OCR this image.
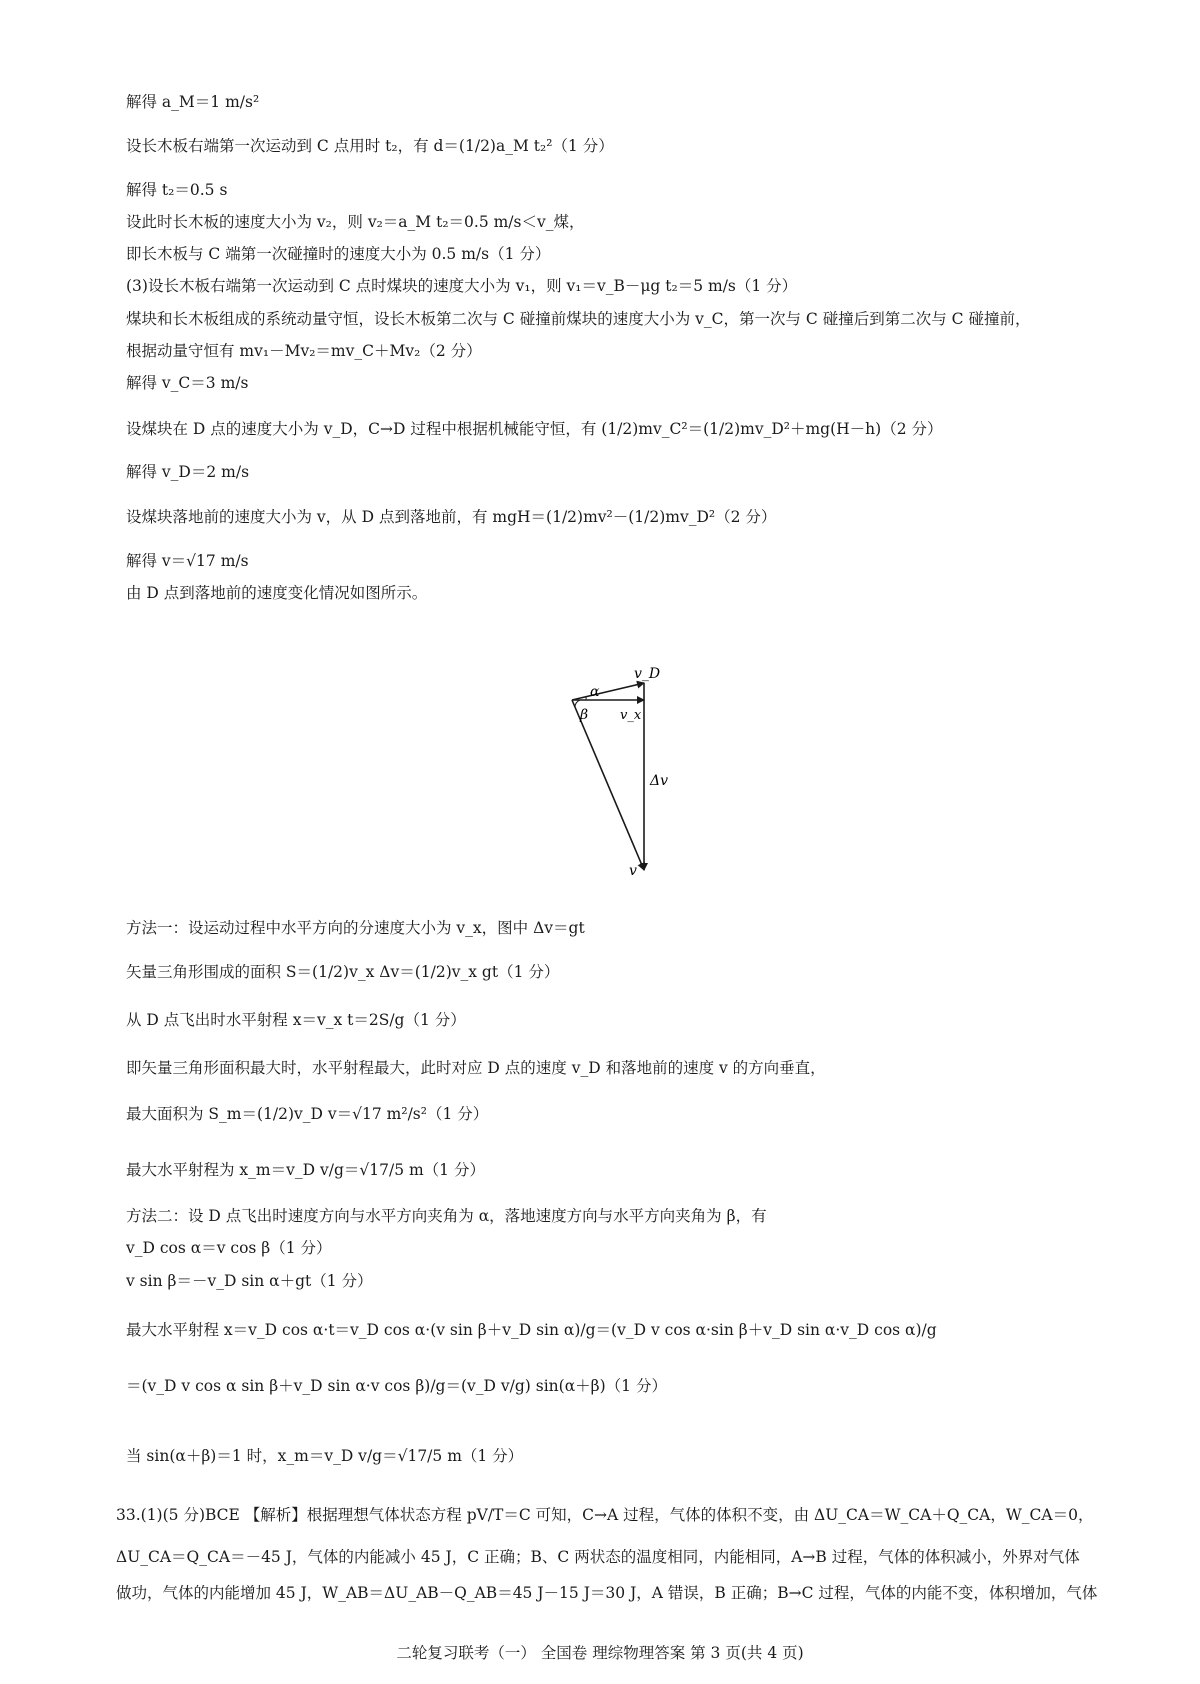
解得 a_M＝1 m/s²
设长木板右端第一次运动到 C 点用时 t₂，有 d＝(1/2)a_M t₂²（1 分）
解得 t₂＝0.5 s
设此时长木板的速度大小为 v₂，则 v₂＝a_M t₂＝0.5 m/s＜v_煤，
即长木板与 C 端第一次碰撞时的速度大小为 0.5 m/s（1 分）
(3)设长木板右端第一次运动到 C 点时煤块的速度大小为 v₁，则 v₁＝v_B－μg t₂＝5 m/s（1 分）
煤块和长木板组成的系统动量守恒，设长木板第二次与 C 碰撞前煤块的速度大小为 v_C，第一次与 C 碰撞后到第二次与 C 碰撞前，
根据动量守恒有 mv₁－Mv₂＝mv_C＋Mv₂（2 分）
解得 v_C＝3 m/s
设煤块在 D 点的速度大小为 v_D，C→D 过程中根据机械能守恒，有 (1/2)mv_C²＝(1/2)mv_D²＋mg(H－h)（2 分）
解得 v_D＝2 m/s
设煤块落地前的速度大小为 v，从 D 点到落地前，有 mgH＝(1/2)mv²－(1/2)mv_D²（2 分）
解得 v＝√17 m/s
由 D 点到落地前的速度变化情况如图所示。
v_D
α
β v_x
Δv
v
方法一：设运动过程中水平方向的分速度大小为 v_x，图中 Δv＝gt
矢量三角形围成的面积 S＝(1/2)v_x Δv＝(1/2)v_x gt（1 分）
从 D 点飞出时水平射程 x＝v_x t＝2S/g（1 分）
即矢量三角形面积最大时，水平射程最大，此时对应 D 点的速度 v_D 和落地前的速度 v 的方向垂直，
最大面积为 S_m＝(1/2)v_D v＝√17 m²/s²（1 分）
最大水平射程为 x_m＝v_D v/g＝√17/5 m（1 分）
方法二：设 D 点飞出时速度方向与水平方向夹角为 α，落地速度方向与水平方向夹角为 β，有
v_D cos α＝v cos β（1 分）
v sin β＝－v_D sin α＋gt（1 分）
最大水平射程 x＝v_D cos α·t＝v_D cos α·(v sin β＋v_D sin α)/g＝(v_D v cos α·sin β＋v_D sin α·v_D cos α)/g
＝(v_D v cos α sin β＋v_D sin α·v cos β)/g＝(v_D v/g) sin(α＋β)（1 分）
当 sin(α＋β)＝1 时，x_m＝v_D v/g＝√17/5 m（1 分）
33.(1)(5 分)BCE 【解析】根据理想气体状态方程 pV/T＝C 可知，C→A 过程，气体的体积不变，由 ΔU_CA＝W_CA＋Q_CA，W_CA＝0，
ΔU_CA＝Q_CA＝－45 J，气体的内能减小 45 J，C 正确；B、C 两状态的温度相同，内能相同，A→B 过程，气体的体积减小，外界对气体
做功，气体的内能增加 45 J，W_AB＝ΔU_AB－Q_AB＝45 J－15 J＝30 J，A 错误，B 正确；B→C 过程，气体的内能不变，体积增加，气体
二轮复习联考（一） 全国卷 理综物理答案 第 3 页(共 4 页)
